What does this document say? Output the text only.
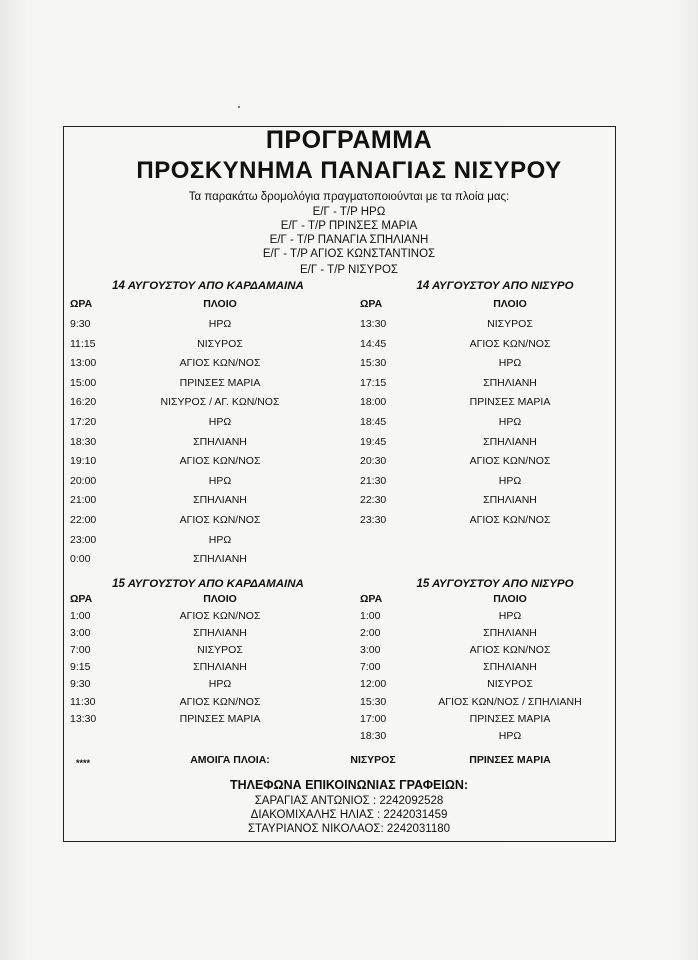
ΠΡΟΓΡΑΜΜΑ
ΠΡΟΣΚΥΝΗΜΑ ΠΑΝΑΓΙΑΣ ΝΙΣΥΡΟΥ
Τα παρακάτω δρομολόγια πραγματοποιούνται με τα πλοία μας:
Ε/Γ - Τ/Ρ ΗΡΩ
Ε/Γ - Τ/Ρ ΠΡΙΝΣΕΣ ΜΑΡΙΑ
Ε/Γ - Τ/Ρ ΠΑΝΑΓΙΑ ΣΠΗΛΙΑΝΗ
Ε/Γ - Τ/Ρ ΑΓΙΟΣ ΚΩΝΣΤΑΝΤΙΝΟΣ
Ε/Γ - Τ/Ρ ΝΙΣΥΡΟΣ
14 ΑΥΓΟΥΣΤΟΥ ΑΠΟ ΚΑΡΔΑΜΑΙΝΑ
ΩΡΑ	ΠΛΟΙΟ
9:30	ΗΡΩ
11:15	ΝΙΣΥΡΟΣ
13:00	ΑΓΙΟΣ ΚΩΝ/ΝΟΣ
15:00	ΠΡΙΝΣΕΣ ΜΑΡΙΑ
16:20	ΝΙΣΥΡΟΣ / ΑΓ. ΚΩΝ/ΝΟΣ
17:20	ΗΡΩ
18:30	ΣΠΗΛΙΑΝΗ
19:10	ΑΓΙΟΣ ΚΩΝ/ΝΟΣ
20:00	ΗΡΩ
21:00	ΣΠΗΛΙΑΝΗ
22:00	ΑΓΙΟΣ ΚΩΝ/ΝΟΣ
23:00	ΗΡΩ
0:00	ΣΠΗΛΙΑΝΗ
14 ΑΥΓΟΥΣΤΟΥ ΑΠΟ ΝΙΣΥΡΟ
ΩΡΑ	ΠΛΟΙΟ
13:30	ΝΙΣΥΡΟΣ
14:45	ΑΓΙΟΣ ΚΩΝ/ΝΟΣ
15:30	ΗΡΩ
17:15	ΣΠΗΛΙΑΝΗ
18:00	ΠΡΙΝΣΕΣ ΜΑΡΙΑ
18:45	ΗΡΩ
19:45	ΣΠΗΛΙΑΝΗ
20:30	ΑΓΙΟΣ ΚΩΝ/ΝΟΣ
21:30	ΗΡΩ
22:30	ΣΠΗΛΙΑΝΗ
23:30	ΑΓΙΟΣ ΚΩΝ/ΝΟΣ
15 ΑΥΓΟΥΣΤΟΥ ΑΠΟ ΚΑΡΔΑΜΑΙΝΑ
ΩΡΑ	ΠΛΟΙΟ
1:00	ΑΓΙΟΣ ΚΩΝ/ΝΟΣ
3:00	ΣΠΗΛΙΑΝΗ
7:00	ΝΙΣΥΡΟΣ
9:15	ΣΠΗΛΙΑΝΗ
9:30	ΗΡΩ
11:30	ΑΓΙΟΣ ΚΩΝ/ΝΟΣ
13:30	ΠΡΙΝΣΕΣ ΜΑΡΙΑ
15 ΑΥΓΟΥΣΤΟΥ ΑΠΟ ΝΙΣΥΡΟ
ΩΡΑ	ΠΛΟΙΟ
1:00	ΗΡΩ
2:00	ΣΠΗΛΙΑΝΗ
3:00	ΑΓΙΟΣ ΚΩΝ/ΝΟΣ
7:00	ΣΠΗΛΙΑΝΗ
12:00	ΝΙΣΥΡΟΣ
15:30	ΑΓΙΟΣ ΚΩΝ/ΝΟΣ / ΣΠΗΛΙΑΝΗ
17:00	ΠΡΙΝΣΕΣ ΜΑΡΙΑ
18:30	ΗΡΩ
****	ΑΜΟΙΓΑ ΠΛΟΙΑ:	ΝΙΣΥΡΟΣ	ΠΡΙΝΣΕΣ ΜΑΡΙΑ
ΤΗΛΕΦΩΝΑ ΕΠΙΚΟΙΝΩΝΙΑΣ ΓΡΑΦΕΙΩΝ:
ΣΑΡΑΓΙΑΣ ΑΝΤΩΝΙΟΣ : 2242092528
ΔΙΑΚΟΜΙΧΑΛΗΣ ΗΛΙΑΣ : 2242031459
ΣΤΑΥΡΙΑΝΟΣ ΝΙΚΟΛΑΟΣ: 2242031180
